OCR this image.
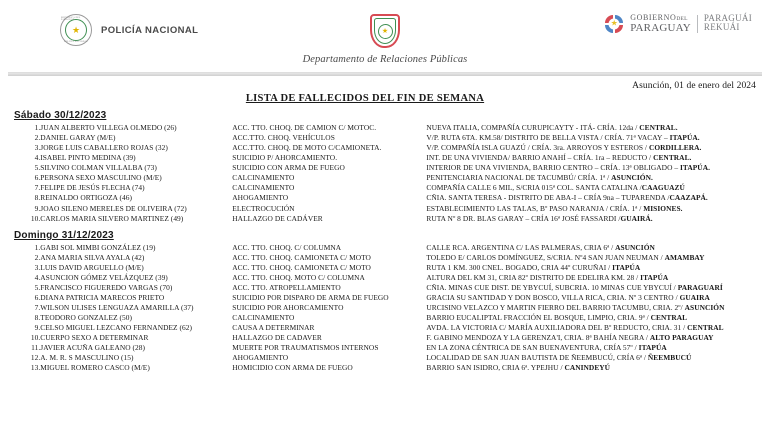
REPUBLICA DEL PARAGUAY
★
POLICIA NACIONAL
POLICÍA NACIONAL
★
GOBIERNODEL
PARAGUAY
PARAGUÁI
REKUÁI
★
Departamento de Relaciones Públicas
Asunción, 01 de enero del 2024
LISTA DE FALLECIDOS DEL FIN DE SEMANA
Sábado 30/12/2023
1.	JUAN ALBERTO VILLEGA OLMEDO (26)	ACC. TTO. CHOQ. DE CAMION C/ MOTOC.	NUEVA ITALIA, COMPAÑÍA CURUPICAYTY - ITÁ- CRÍA. 12da / CENTRAL.
2.	DANIEL GARAY (M/E)	ACC.TTO. CHOQ. VEHÍCULOS	V/P. RUTA 6TA. KM.58/ DISTRITO DE BELLA VISTA / CRÍA. 71ª VACAY – ITAPÚA.
3.	JORGE LUIS CABALLERO ROJAS (32)	ACC.TTO. CHOQ. DE MOTO C/CAMIONETA.	V/P. COMPAÑÍA ISLA GUAZÚ / CRÍA. 3ra. ARROYOS Y ESTEROS / CORDILLERA.
4.	ISABEL PINTO MEDINA (39)	SUICIDIO P/ AHORCAMIENTO.	INT. DE UNA VIVIENDA/ BARRIO ANAHÍ – CRÍA. 1ra – REDUCTO / CENTRAL.
5.	SILVINO COLMAN VILLALBA (73)	SUICIDIO CON ARMA DE FUEGO	INTERIOR DE UNA VIVIENDA, BARRIO CENTRO – CRÍA. 13ª OBLIGADO – ITAPÚA.
6.	PERSONA SEXO MASCULINO (M/E)	CALCINAMIENTO	PENITENCIARIA NACIONAL DE TACUMBÚ/ CRÍA. 1ª / ASUNCIÓN.
7.	FELIPE DE JESÚS FLECHA (74)	CALCINAMIENTO	COMPAÑÍA CALLE 6 MIL, S/CRIA 015ª COL. SANTA CATALINA /CAAGUAZÚ
8.	REINALDO ORTIGOZA (46)	AHOGAMIENTO	CÑIA. SANTA TERESA - DISTRITO DE ABA-I – CRÍA 9na – TUPARENDA /CAAZAPÁ.
9.	JOAO SILENO MERELES DE OLIVEIRA (72)	ELECTROCUCIÓN	ESTABLECIMIENTO LAS TALAS, Bº PASO NARANJA / CRÍA. 1ª / MISIONES.
10.	CARLOS MARIA SILVERO MARTINEZ (49)	HALLAZGO DE CADÁVER	RUTA Nº 8 DR. BLAS GARAY – CRÍA 16ª JOSÉ FASSARDI /GUAIRÁ.
Domingo 31/12/2023
1.	GABI SOL MIMBI GONZÁLEZ (19)	ACC. TTO. CHOQ. C/ COLUMNA	CALLE RCA. ARGENTINA C/ LAS PALMERAS, CRIA 6ª / ASUNCIÓN
2.	ANA MARIA SILVA AYALA (42)	ACC. TTO. CHOQ. CAMIONETA C/ MOTO	TOLEDO E/ CARLOS DOMÍNGUEZ, S/CRIA. Nº4 SAN JUAN NEUMAN / AMAMBAY
3.	LUIS DAVID ARGUELLO (M/E)	ACC. TTO. CHOQ. CAMIONETA C/ MOTO	RUTA 1 KM. 300 CNEL. BOGADO, CRIA 44º CURUÑAI / ITAPÚA
4.	ASUNCION GÓMEZ VELÁZQUEZ (39)	ACC. TTO. CHOQ. MOTO C/ COLUMNA	ALTURA DEL KM 31, CRIA 82º DISTRITO DE EDELIRA KM. 28 / ITAPÚA
5.	FRANCISCO FIGUEREDO VARGAS (70)	ACC. TTO. ATROPELLAMIENTO	CÑIA. MINAS CUE DIST. DE YBYCUÍ, SUBCRIA. 10 MINAS CUE YBYCUÍ / PARAGUARÍ
6.	DIANA PATRICIA MARECOS PRIETO	SUICIDIO POR DISPARO DE ARMA DE FUEGO	GRACIA SU SANTIDAD Y DON BOSCO, VILLA RICA, CRIA. Nº 3 CENTRO / GUAIRA
7.	WILSON ULISES LENGUAZA AMARILLA (37)	SUICIDIO POR AHORCAMIENTO	URCISINO VELAZCO Y MARTIN FIERRO DEL BARRIO TACUMBU, CRIA. 2º/ ASUNCIÓN
8.	TEODORO GONZALEZ (50)	CALCINAMIENTO	BARRIO EUCALIPTAL FRACCIÓN EL BOSQUE, LIMPIO, CRIA. 9ª / CENTRAL
9.	CELSO MIGUEL LEZCANO FERNANDEZ (62)	CAUSA A DETERMINAR	AVDA. LA VICTORIA C/ MARÍA AUXILIADORA DEL Bº REDUCTO, CRIA. 31 / CENTRAL
10.	CUERPO SEXO A DETERMINAR	HALLAZGO DE CADAVER	F. GABINO MENDOZA Y LA GERENZA'I, CRIA. 8ª BAHÍA NEGRA / ALTO PARAGUAY
11.	JAVIER ACUÑA GALEANO (28)	MUERTE POR TRAUMATISMOS INTERNOS	EN LA ZONA CÉNTRICA DE SAN BUENAVENTURA, CRÍA 57º / ITAPÚA
12.	A. M. R. S MASCULINO (15)	AHOGAMIENTO	LOCALIDAD DE SAN JUAN BAUTISTA DE ÑEEMBUCÚ, CRÍA 6ª / ÑEEMBUCÚ
13.	MIGUEL ROMERO CASCO (M/E)	HOMICIDIO CON ARMA DE FUEGO	BARRIO SAN ISIDRO, CRIA 6ª. YPEJHU / CANINDEYÚ
